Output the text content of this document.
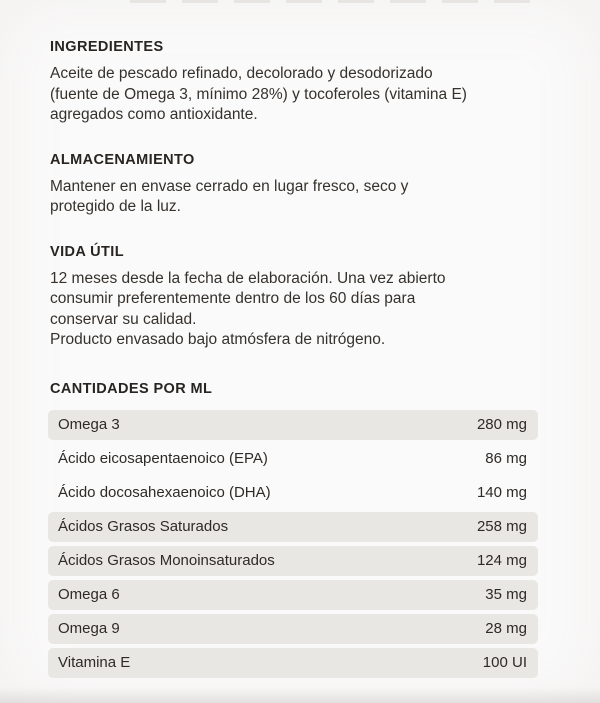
INGREDIENTES

Aceite de pescado refinado, decolorado y desodorizado
(fuente de Omega 3, mínimo 28%) y tocoferoles (vitamina E)
agregados como antioxidante.

ALMACENAMIENTO

Mantener en envase cerrado en lugar fresco, seco y
protegido de la luz.

VIDA ÚTIL

12 meses desde la fecha de elaboración. Una vez abierto
consumir preferentemente dentro de los 60 días para
conservar su calidad.
Producto envasado bajo atmósfera de nitrógeno.

CANTIDADES POR ML
Omega 3	280 mg
Ácido eicosapentaenoico (EPA)	86 mg
Ácido docosahexaenoico (DHA)	140 mg
Ácidos Grasos Saturados	258 mg
Ácidos Grasos Monoinsaturados	124 mg
Omega 6	35 mg
Omega 9	28 mg
Vitamina E	100 UI
